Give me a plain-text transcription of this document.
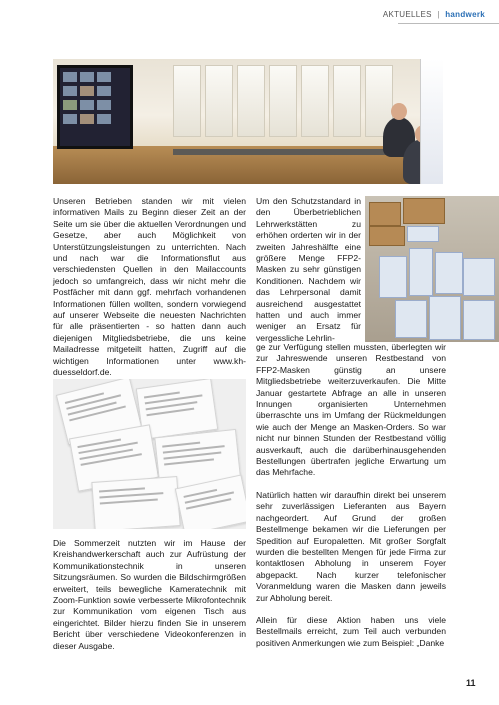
AKTUELLES | handwerk

Unseren Betrieben standen wir mit vielen informativen Mails zu Beginn dieser Zeit an der Seite um sie über die aktuellen Verordnungen und Gesetze, aber auch Möglichkeit von Unterstützungsleistungen zu unterrichten. Nach und nach war die Informationsflut aus verschiedensten Quellen in den Mailaccounts jedoch so umfangreich, dass wir nicht mehr die Postfächer mit dann ggf. mehrfach vorhandenen Informationen füllen wollten, sondern vorwiegend auf unserer Webseite die neuesten Nachrichten für alle präsentierten - so hatten dann auch diejenigen Mitgliedsbetriebe, die uns keine Mailadresse mitgeteilt hatten, Zugriff auf die wichtigen Informationen unter www.kh-duesseldorf.de.

Die Sommerzeit nutzten wir im Hause der Kreishandwerkerschaft auch zur Aufrüstung der Kommunikationstechnik in unseren Sitzungsräumen. So wurden die Bildschirmgrößen erweitert, teils bewegliche Kameratechnik mit Zoom-Funktion sowie verbesserte Mikrofontechnik zur Kommunikation vom eigenen Tisch aus eingerichtet. Bilder hierzu finden Sie in unserem Bericht über verschiedene Videokonferenzen in dieser Ausgabe.

Um den Schutzstandard in den Überbetrieblichen Lehrwerkstätten zu erhöhen orderten wir in der zweiten Jahreshälfte eine größere Menge FFP2-Masken zu sehr günstigen Konditionen. Nachdem wir das Lehrpersonal damit ausreichend ausgestattet hatten und auch immer weniger an Ersatz für vergessliche Lehrlin-

ge zur Verfügung stellen mussten, überlegten wir zur Jahreswende unseren Restbestand von FFP2-Masken günstig an unsere Mitgliedsbetriebe weiterzuverkaufen. Die Mitte Januar gestartete Abfrage an alle in unseren Innungen organisierten Unternehmen überraschte uns im Umfang der Rückmeldungen wie auch der Menge an Masken-Orders. So war nicht nur binnen Stunden der Restbestand völlig ausverkauft, auch die darüberhinausgehenden Bestellungen übertrafen jegliche Erwartung um das Mehrfache.

Natürlich hatten wir daraufhin direkt bei unserem sehr zuverlässigen Lieferanten aus Bayern nachgeordert. Auf Grund der großen Bestellmenge bekamen wir die Lieferungen per Spedition auf Europaletten. Mit großer Sorgfalt wurden die bestellten Mengen für jede Firma zur kontaktlosen Abholung in unserem Foyer abgepackt. Nach kurzer telefonischer Voranmeldung waren die Masken dann jeweils zur Abholung bereit.

Allein für diese Aktion haben uns viele Bestellmails erreicht, zum Teil auch verbunden positiven Anmerkungen wie zum Beispiel: „Danke

11
